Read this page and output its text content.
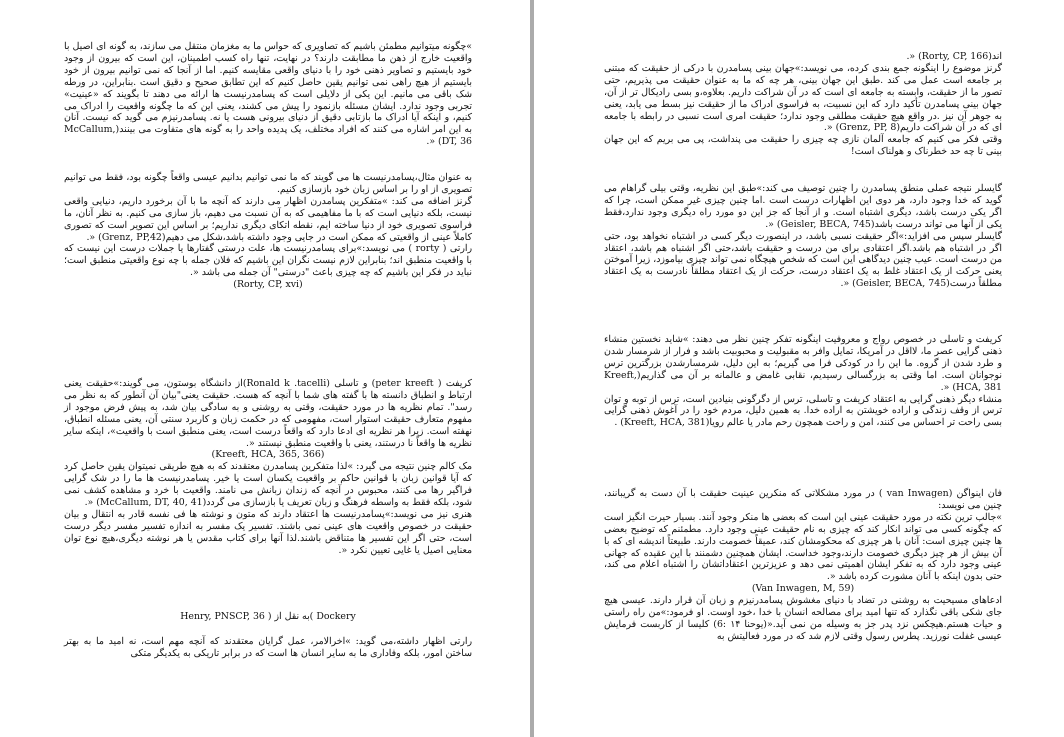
»چگونه میتوانیم مطمئن باشیم که تصاویری که حواس ما به مغزمان منتقل می سازند، به گونه ای اصیل با واقعیت خارج از ذهن ما مطابقت دارند؟ در نهایت، تنها راه کسب اطمینان، این است که بیرون از وجود خود بایستیم و تصاویر ذهنی خود را با دنیای واقعی مقایسه کنیم. اما از آنجا که نمی توانیم بیرون از خود بایستیم از هیچ راهی نمی توانیم یقین حاصل کنیم که این تطابق صحیح و دقیق است .بنابراین، در ورطه شک باقی می مانیم. این یکی از دلایلی است که پسامدرنیست ها ارائه می دهند تا بگویند که «عینیت» تجربی وجود ندارد. ایشان مسئله بازنمود را پیش می کشند، یعنی این که ما چگونه واقعیت را ادراک می کنیم، و اینکه آیا ادراک ما بازتابی دقیق از دنیای بیرونی هست یا نه. پسامدرنیزم می گوید که نیست. آنان به این امر اشاره می کنند که افراد مختلف، یک پدیده واحد را به گونه های متفاوت می بینند(McCallum, DT, 36) «.

به عنوان مثال،پسامدرنیست ها می گویند که ما نمی توانیم بدانیم عیسی واقعاً چگونه بود، فقط می توانیم تصویری از او را بر اساس زبان خود بازسازی کنیم.

گرنز اضافه می کند: »متفکرین پسامدرن اظهار می دارند که آنچه ما با آن برخورد داریم، دنیایی واقعی نیست، بلکه دنیایی است که با ما مفاهیمی که به آن نسبت می دهیم، باز سازی می کنیم. به نظر آنان، ما فراسوی تصویری خود از دنیا ساخته ایم، نقطه اتکای دیگری نداریم؛ بر اساس این تصویر است که تصوری کاملاً عینی از واقعیتی که ممکن است در جایی وجود داشته باشد،شکل می دهیم(Grenz, PP,42) «.

رارتی ( rorty ) می نویسد:»برای پسامدرنیست ها، علت درستی گفتارها یا جملات درست این نیست که با واقعیت منطبق اند؛ بنابراین لازم نیست نگران این باشیم که فلان جمله با چه نوع واقعیتی منطبق است؛ نباید در فکر این باشیم که چه چیزی باعث "درستی" آن جمله می باشد «.

(Rorty, CP, xvi)

کریفت ( peter kreeft) و تاسلی (Ronald k .tacelli)از دانشگاه بوستون، می گویند:»حقیقت یعنی ارتباط و انطباق دانسته ها با گفته های شما با آنچه که هست. حقیقت یعنی"بیان آن آنطور که به نظر می رسد". تمام نظریه ها در مورد حقیقت، وقتی به روشنی و به سادگی بیان شد، به پیش فرض موجود از مفهوم متعارف حقیقت استوار است، مفهومی که در حکمت زبان و کاربرد سنتی آن، یعنی مسئله انطباق، نهفته است. زیرا هر نظریه ای ادعا دارد که واقعاً درست است، یعنی منطبق است با واقعیت»، اینکه سایر نظریه ها واقعاً نا درستند، یعنی با واقعیت منطبق نیستند «.

(Kreeft, HCA, 365, 366)

مک کالم چنین نتیجه می گیرد: »لذا متفکرین پسامدرن معتقدند که به هیچ طریقی نمیتوان یقین حاصل کرد که آیا قوانین زبان با قوانین حاکم بر واقعیت یکسان است یا خیر. پسامدرنیست ها ما را در شک گرایی فراگیر رها می کنند، محبوس در آنچه که زندان زبانش می نامند. واقعیت با خرد و مشاهده کشف نمی شود، بلکه فقط به واسطه فرهنگ و زبان تعریف یا بازسازی می گردد(McCallum, DT, 40, 41) «.

هنری نیز می نویسد:»پسامدرنیست ها اعتقاد دارند که متون و نوشته ها فی نفسه قادر به انتقال و بیان حقیقت در خصوص واقعیت های عینی نمی باشند. تفسیر یک مفسر به اندازه تفسیر مفسر دیگر درست است، حتی اگر این تفسیر ها متناقض باشند.لذا آنها برای کتاب مقدس یا هر نوشته دیگری،هیچ نوع توان معنایی اصیل یا غایی تعیین نکرد «.

Dockery )به نقل از ( Henry, PNSCP, 36

رارتی اظهار داشته،می گوید: »اخرالامر، عمل گرایان معتقدند که آنچه مهم است، نه امید ما به بهتر ساختن امور، بلکه وفاداری ما به سایر انسان ها است که در برابر تاریکی به یکدیگر متکی

اند(Rorty, CP, 166) «.

گرنز موضوع را اینگونه جمع بندی کرده، می نویسد:»جهان بینی پسامدرن با درکی از حقیقت که مبتنی بر جامعه است عمل می کند .طبق این جهان بینی، هر چه که ما به عنوان حقیقت می پذیریم، حتی تصور ما از حقیقت، وابسته به جامعه ای است که در آن شراکت داریم. بعلاوه،و بسی رادیکال تر از آن، جهان بینی پسامدرن تأکید دارد که این نسبیت، به فراسوی ادراک ما از حقیقت نیز بسط می یابد، یعنی به جوهر آن نیز .در واقع هیچ حقیقت مطلقی وجود ندارد؛ حقیقت امری است نسبی در رابطه با جامعه ای که در آن شراکت داریم(Grenz, PP, 8) «.

وقتی فکر می کنیم که جامعه آلمان نازی چه چیزی را حقیقت می پنداشت، پی می بریم که این جهان بینی تا چه حد خطرناک و هولناک است!

گایسلر نتیجه عملی منطق پسامدرن را چنین توصیف می کند:»طبق این نظریه، وقتی بیلی گراهام می گوید که خدا وجود دارد، هر دوی این اظهارات درست است .اما چنین چیزی غیر ممکن است، چرا که اگر یکی درست باشد، دیگری اشتباه است. و از آنجا که جز این دو مورد راه دیگری وجود ندارد،فقط یکی از آنها می تواند درست باشد(Geisler, BECA, 745) «.

گایسلر سپس می افزاید:»اگر حقیقت نسبی باشد، در اینصورت دیگر کسی در اشتباه نخواهد بود، حتی اگر در اشتباه هم باشد.اگر اعتقادی برای من درست و حقیقت باشد،حتی اگر اشتباه هم باشد، اعتقاد من درست است. عیب چنین دیدگاهی این است که شخص هیچگاه نمی تواند چیزی بیاموزد، زیرا آموختن یعنی حرکت از یک اعتقاد غلط به یک اعتقاد درست، حرکت از یک اعتقاد مطلقاً نادرست به یک اعتقاد مطلقاً درست(Geisler, BECA, 745) «.

کریفت و تاسلی در خصوص رواج و معروفیت اینگونه تفکر چنین نظر می دهند: »شاید نخستین منشاء ذهنی گرایی عصر ما، لااقل در آمریکا، تمایل وافر به مقبولیت و محبوبیت باشد و فرار از شرمسار شدن و طرد شدن از گروه. ما این را در کودکی فرا می گیریم؛ به این دلیل، شرمسارشدن بزرگترین ترس نوجوانان است. اما وقتی به بزرگسالی رسیدیم، نقابی غامض و عالمانه بر آن می گذاریم(Kreeft, HCA, 381) «.

منشاء دیگر ذهنی گرایی به اعتقاد کریفت و تاسلی، ترس از دگرگونی بنیادین است، ترس از توبه و توان ترس از وقف زندگی و اراده خویشتن به اراده خدا. به همین دلیل، مردم خود را در آغوش ذهنی گرایی بسی راحت تر احساس می کنند، امن و راحت همچون رحم مادر یا عالم رویا(Kreeft, HCA, 381) .

فان اینواگن (van Inwagen ) در مورد مشکلاتی که منکرین عینیت حقیقت با آن دست به گریبانند، چنین می نویسد:

»جالب ترین نکته در مورد حقیقت عینی این است که بعضی ها منکر وجود آنند. بسیار حیرت انگیز است که چگونه کسی می تواند انکار کند که چیزی به نام حقیقت عینی وجود دارد. مطمئنم که توضیح بعضی ها چنین چیزی است: آنان با هر چیزی که محکومشان کند، عمیقاً خصومت دارند. طبیعتاً اندیشه ای که با آن بیش از هر چیز دیگری خصومت دارند،وجود خداست. ایشان همچنین دشمنند با این عقیده که جهانی عینی وجود دارد که به تفکر ایشان اهمیتی نمی دهد و عزیزترین اعتقاداتشان را اشتباه اعلام می کند، حتی بدون اینکه با آنان مشورت کرده باشد «.

(Van Inwagen, M, 59)

ادعاهای مسیحیت به روشنی در تضاد با دنیای مغشوش پسامدرنیزم و زبان آن قرار دارند. عیسی هیچ جای شکی باقی نگذارد که تنها امید برای مصالحه انسان با خدا ،خود اوست. او فرمود:»من راه راستی و حیات هستم.هیچکس نزد پدر جز به وسیله من نمی آید.«(یوحنا ۱۴ :6) کلیسا از کاربست فرمایش عیسی غفلت نورزید. پطرس رسول وقتی لازم شد که در مورد فعالیتش به
